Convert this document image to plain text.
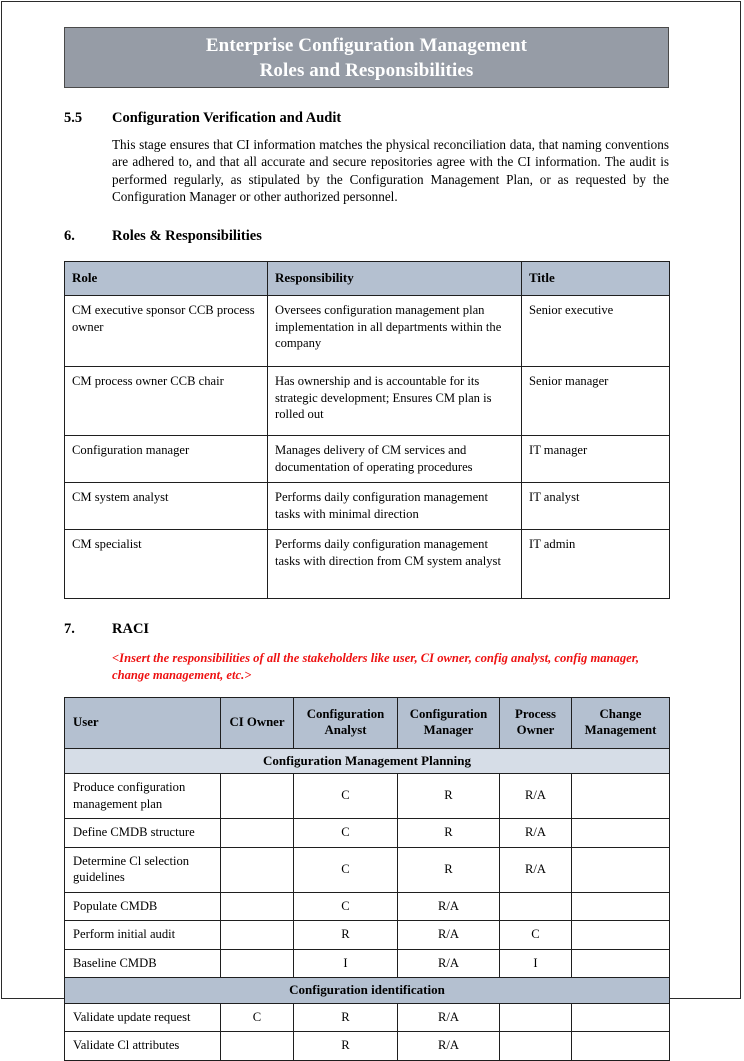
Enterprise Configuration Management
Roles and Responsibilities
5.5	Configuration Verification and Audit

This stage ensures that CI information matches the physical reconciliation data, that naming conventions are adhered to, and that all accurate and secure repositories agree with the CI information. The audit is performed regularly, as stipulated by the Configuration Management Plan, or as requested by the Configuration Manager or other authorized personnel.

6.	Roles & Responsibilities
Role	Responsibility	Title
CM executive sponsor CCB process owner	Oversees configuration management plan implementation in all departments within the company	Senior executive
CM process owner CCB chair	Has ownership and is accountable for its strategic development; Ensures CM plan is rolled out	Senior manager
Configuration manager	Manages delivery of CM services and documentation of operating procedures	IT manager
CM system analyst	Performs daily configuration management tasks with minimal direction	IT analyst
CM specialist	Performs daily configuration management tasks with direction from CM system analyst	IT admin
7.	RACI

<Insert the responsibilities of all the stakeholders like user, CI owner, config analyst, config manager, change management, etc.>

User	CI Owner	Configuration Analyst	Configuration Manager	Process Owner	Change Management
Configuration Management Planning					
Produce configuration management plan		C	R	R/A	
Define CMDB structure		C	R	R/A	
Determine Cl selection guidelines		C	R	R/A	
Populate CMDB		C	R/A		
Perform initial audit		R	R/A	C	
Baseline CMDB		I	R/A	I	
Configuration identification					
Validate update request	C	R	R/A		
Validate Cl attributes		R	R/A		
